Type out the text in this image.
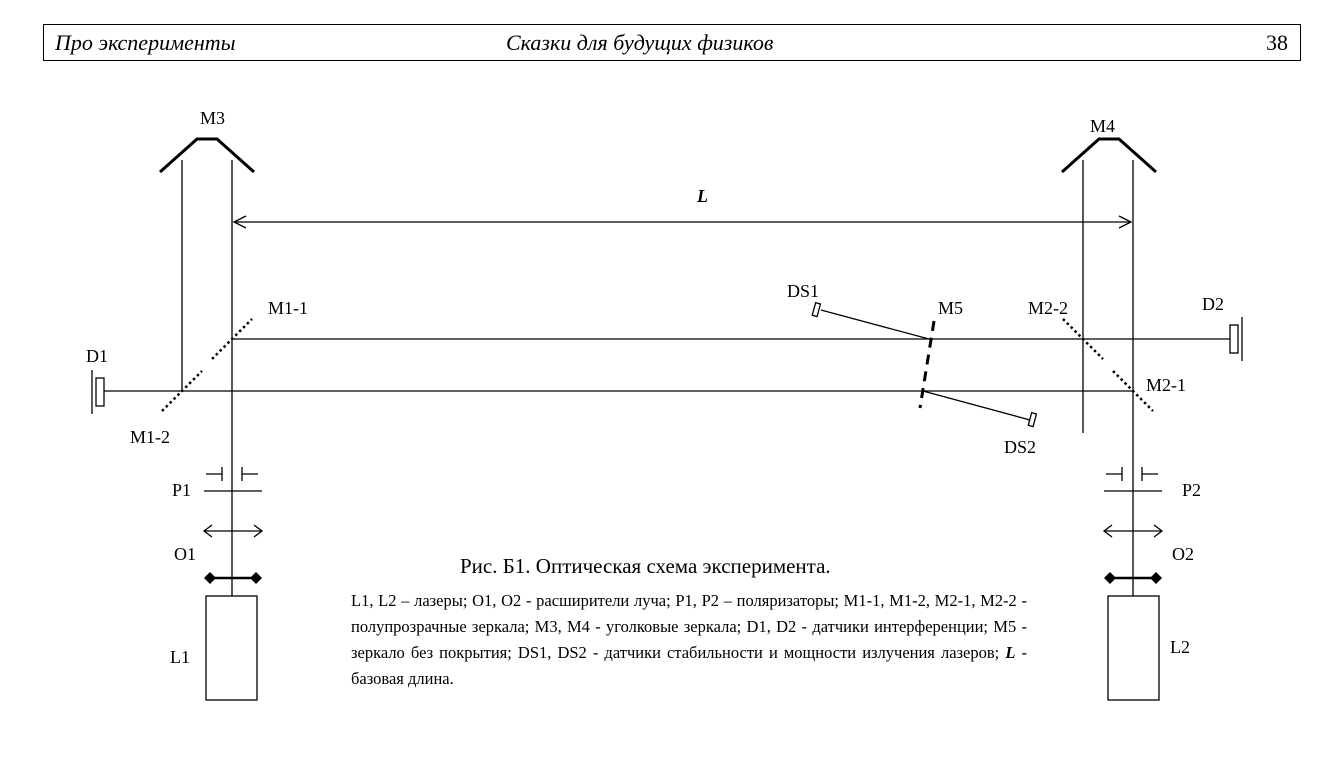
Про эксперименты	Сказки для будущих физиков	38
M3	M4
L
M1-1
M1-2
M2-2
M2-1
M5
DS1
DS2
D1
D2
P1	P2
O1	O2
L1	L2
Рис. Б1. Оптическая схема эксперимента.
L1, L2 – лазеры; O1, O2 - расширители луча; P1, P2 – поляризаторы; M1-1, M1-2, M2-1, M2-2 - полупрозрачные зеркала; M3, M4 - уголковые зеркала; D1, D2 - датчики интерференции; M5 - зеркало без покрытия; DS1, DS2 - датчики стабильности и мощности излучения лазеров; L - базовая длина.
